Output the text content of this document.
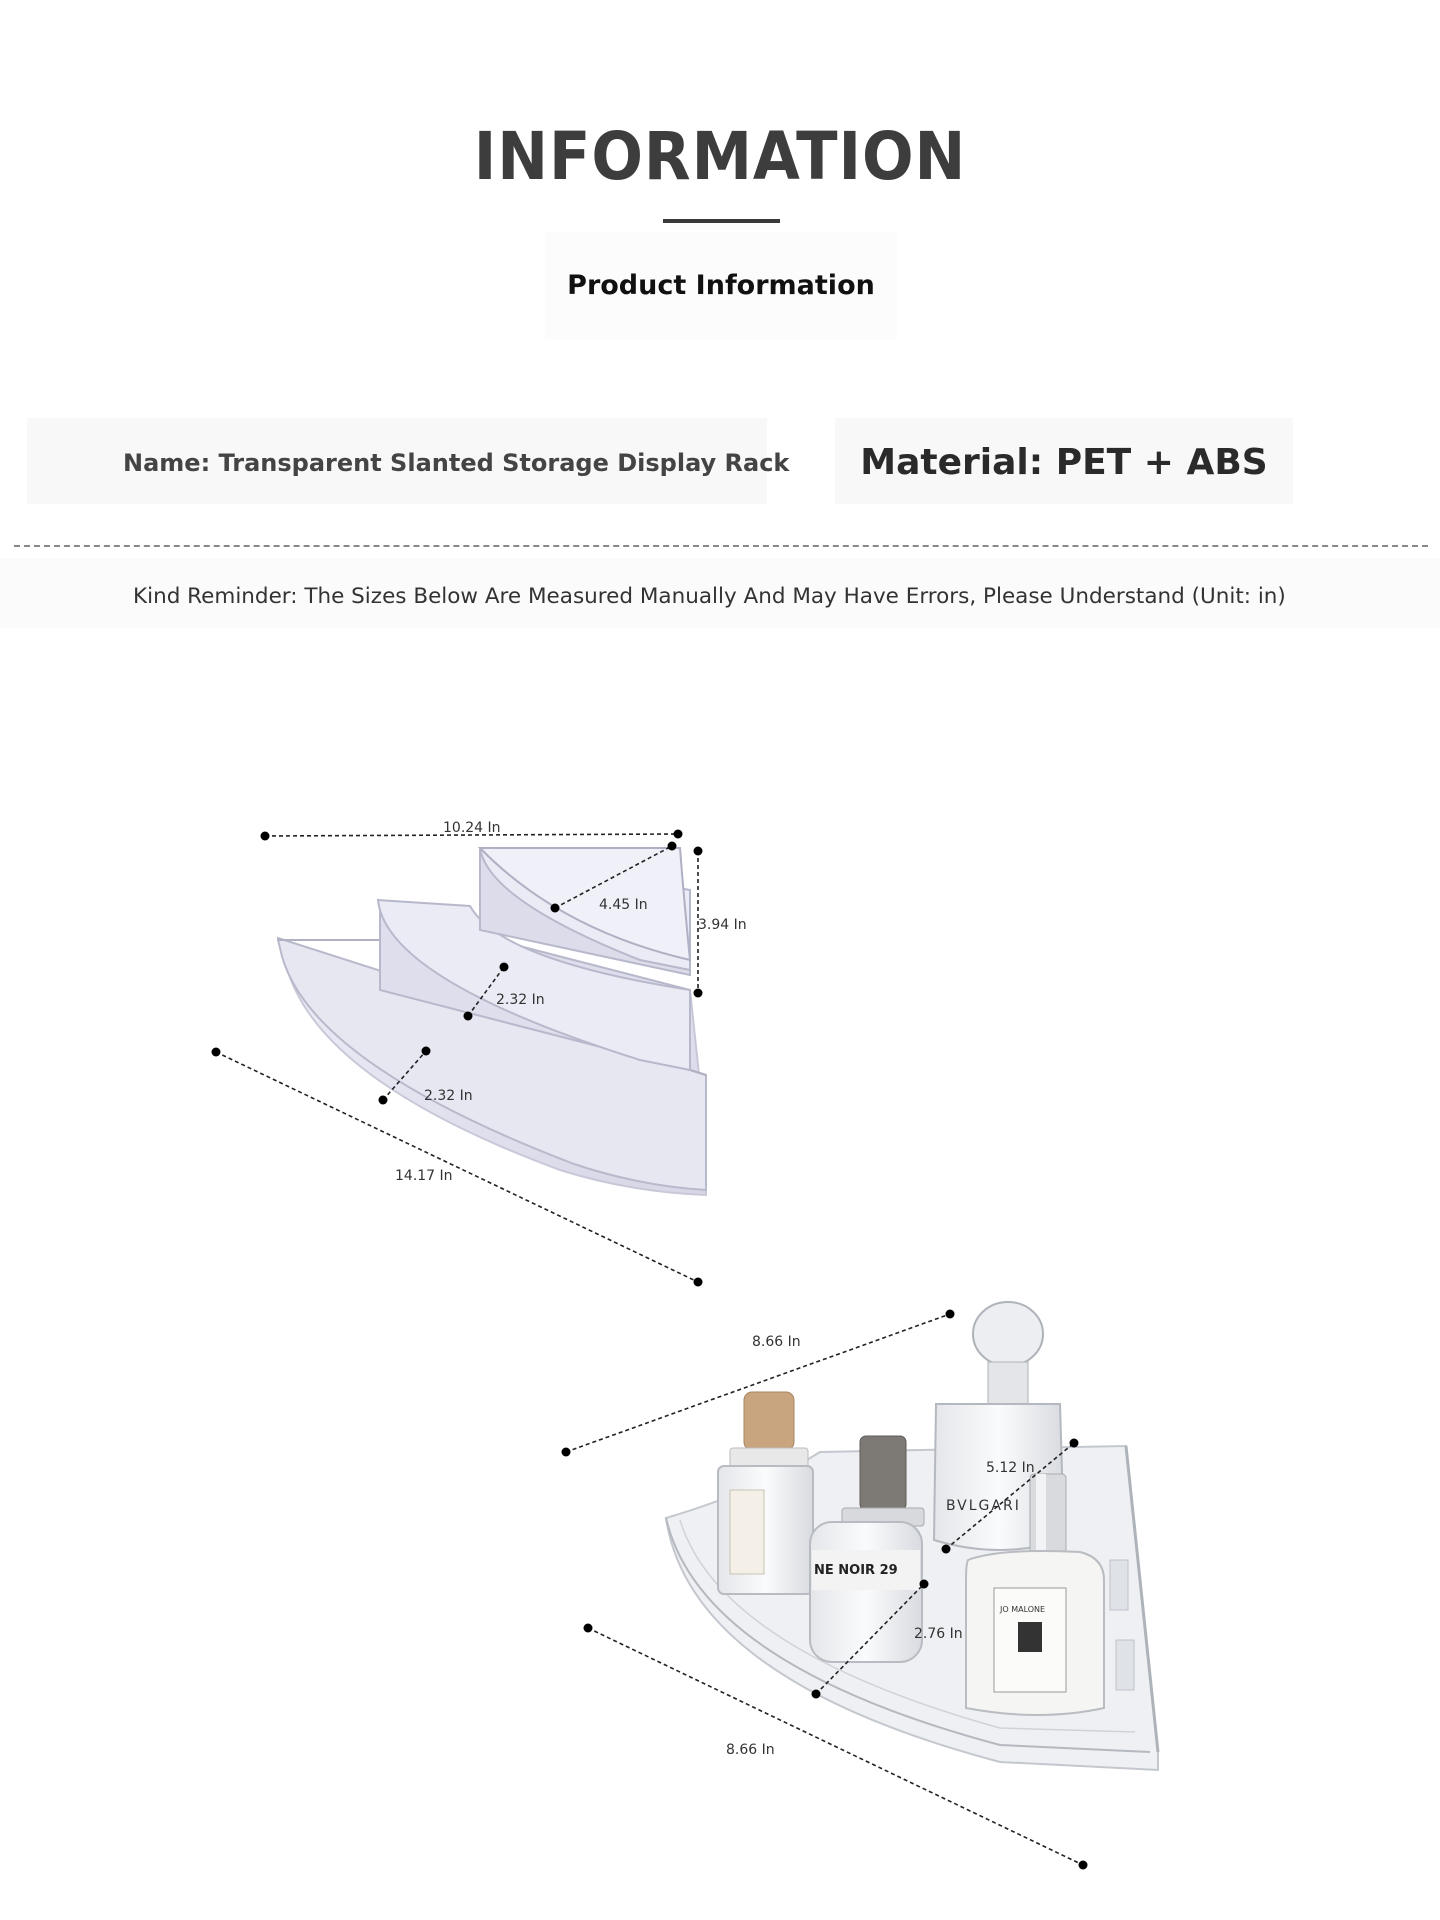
INFORMATION
Product Information
Name: Transparent Slanted Storage Display Rack	Material: PET + ABS
Kind Reminder: The Sizes Below Are Measured Manually And May Have Errors, Please Understand (Unit: in)
10.24 In
4.45 In
3.94 In
2.32 In
2.32 In
14.17 In
NE NOIR 29
BVLGARI
JO MALONE
8.66 In
5.12 In
2.76 In
8.66 In
